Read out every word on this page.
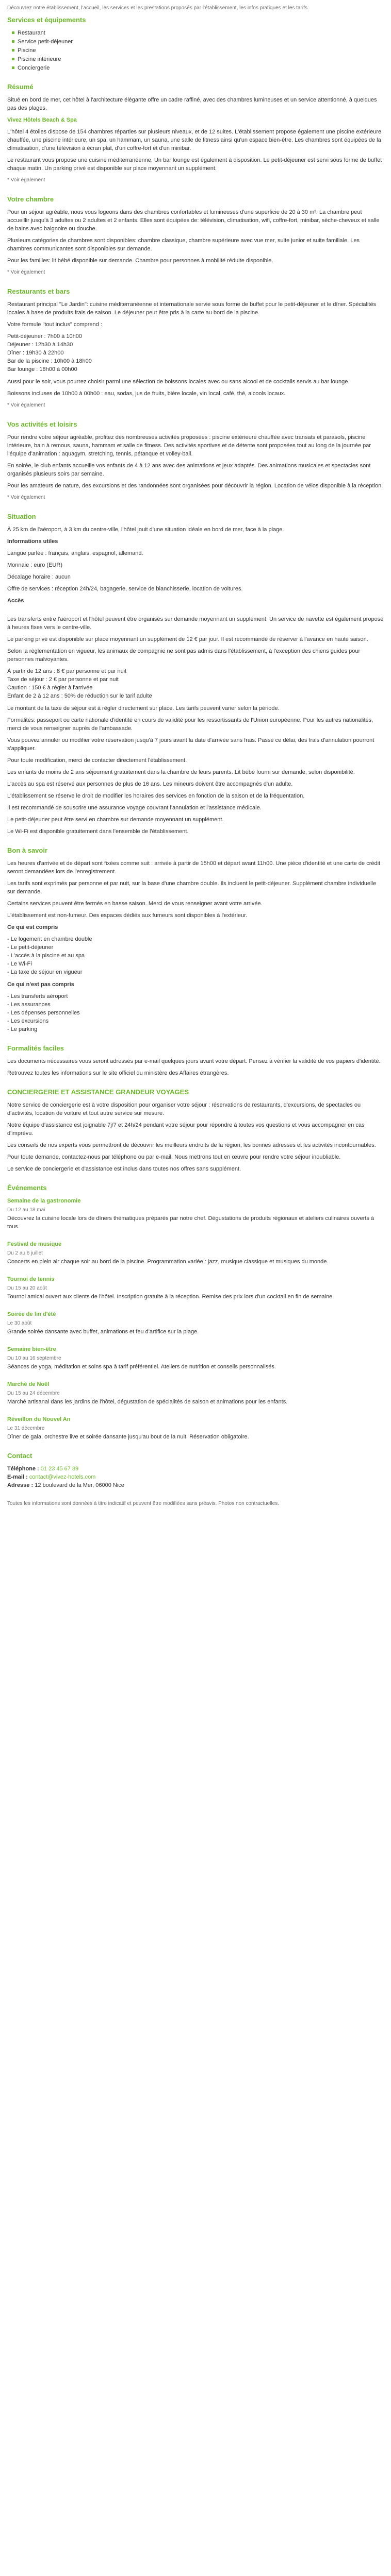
Découvrez notre établissement, l'accueil, les services et les prestations proposés par l'établissement, les infos pratiques et les tarifs.

Services et équipements
Restaurant
Service petit-déjeuner
Piscine
Piscine intérieure
Conciergerie
Résumé

Situé en bord de mer, cet hôtel à l'architecture élégante offre un cadre raffiné, avec des chambres lumineuses et un service attentionné, à quelques pas des plages.

Vivez Hôtels Beach & Spa

L'hôtel 4 étoiles dispose de 154 chambres réparties sur plusieurs niveaux, et de 12 suites. L'établissement propose également une piscine extérieure chauffée, une piscine intérieure, un spa, un hammam, un sauna, une salle de fitness ainsi qu'un espace bien-être. Les chambres sont équipées de la climatisation, d'une télévision à écran plat, d'un coffre-fort et d'un minibar.

Le restaurant vous propose une cuisine méditerranéenne. Un bar lounge est également à disposition. Le petit-déjeuner est servi sous forme de buffet chaque matin. Un parking privé est disponible sur place moyennant un supplément.

* Voir également

Votre chambre

Pour un séjour agréable, nous vous logeons dans des chambres confortables et lumineuses d'une superficie de 20 à 30 m². La chambre peut accueillir jusqu'à 3 adultes ou 2 adultes et 2 enfants. Elles sont équipées de: télévision, climatisation, wifi, coffre-fort, minibar, sèche-cheveux et salle de bains avec baignoire ou douche.

Plusieurs catégories de chambres sont disponibles: chambre classique, chambre supérieure avec vue mer, suite junior et suite familiale. Les chambres communicantes sont disponibles sur demande.

Pour les familles: lit bébé disponible sur demande. Chambre pour personnes à mobilité réduite disponible.

* Voir également

Restaurants et bars

Restaurant principal "Le Jardin": cuisine méditerranéenne et internationale servie sous forme de buffet pour le petit-déjeuner et le dîner. Spécialités locales à base de produits frais de saison. Le déjeuner peut être pris à la carte au bord de la piscine.

Votre formule "tout inclus" comprend :

Petit-déjeuner : 7h00 à 10h00
Déjeuner : 12h30 à 14h30
Dîner : 19h30 à 22h00
Bar de la piscine : 10h00 à 18h00
Bar lounge : 18h00 à 00h00

Aussi pour le soir, vous pourrez choisir parmi une sélection de boissons locales avec ou sans alcool et de cocktails servis au bar lounge.

Boissons incluses de 10h00 à 00h00 : eau, sodas, jus de fruits, bière locale, vin local, café, thé, alcools locaux.

* Voir également

Vos activités et loisirs

Pour rendre votre séjour agréable, profitez des nombreuses activités proposées : piscine extérieure chauffée avec transats et parasols, piscine intérieure, bain à remous, sauna, hammam et salle de fitness. Des activités sportives et de détente sont proposées tout au long de la journée par l'équipe d'animation : aquagym, stretching, tennis, pétanque et volley-ball.

En soirée, le club enfants accueille vos enfants de 4 à 12 ans avec des animations et jeux adaptés. Des animations musicales et spectacles sont organisés plusieurs soirs par semaine.

Pour les amateurs de nature, des excursions et des randonnées sont organisées pour découvrir la région. Location de vélos disponible à la réception.

* Voir également

Situation

À 25 km de l'aéroport, à 3 km du centre-ville, l'hôtel jouit d'une situation idéale en bord de mer, face à la plage.

Informations utiles

Langue parlée : français, anglais, espagnol, allemand.

Monnaie : euro (EUR)

Décalage horaire : aucun

Offre de services : réception 24h/24, bagagerie, service de blanchisserie, location de voitures.

Accès

Les transferts entre l'aéroport et l'hôtel peuvent être organisés sur demande moyennant un supplément. Un service de navette est également proposé à heures fixes vers le centre-ville.

Le parking privé est disponible sur place moyennant un supplément de 12 € par jour. Il est recommandé de réserver à l'avance en haute saison.

Selon la règlementation en vigueur, les animaux de compagnie ne sont pas admis dans l'établissement, à l'exception des chiens guides pour personnes malvoyantes.

À partir de 12 ans : 8 € par personne et par nuit
Taxe de séjour : 2 € par personne et par nuit
Caution : 150 € à régler à l'arrivée
Enfant de 2 à 12 ans : 50% de réduction sur le tarif adulte

Le montant de la taxe de séjour est à régler directement sur place. Les tarifs peuvent varier selon la période.

Formalités: passeport ou carte nationale d'identité en cours de validité pour les ressortissants de l'Union européenne. Pour les autres nationalités, merci de vous renseigner auprès de l'ambassade.

Vous pouvez annuler ou modifier votre réservation jusqu'à 7 jours avant la date d'arrivée sans frais. Passé ce délai, des frais d'annulation pourront s'appliquer.

Pour toute modification, merci de contacter directement l'établissement.

Les enfants de moins de 2 ans séjournent gratuitement dans la chambre de leurs parents. Lit bébé fourni sur demande, selon disponibilité.

L'accès au spa est réservé aux personnes de plus de 16 ans. Les mineurs doivent être accompagnés d'un adulte.

L'établissement se réserve le droit de modifier les horaires des services en fonction de la saison et de la fréquentation.

Il est recommandé de souscrire une assurance voyage couvrant l'annulation et l'assistance médicale.

Le petit-déjeuner peut être servi en chambre sur demande moyennant un supplément.

Le Wi-Fi est disponible gratuitement dans l'ensemble de l'établissement.

Bon à savoir

Les heures d'arrivée et de départ sont fixées comme suit : arrivée à partir de 15h00 et départ avant 11h00. Une pièce d'identité et une carte de crédit seront demandées lors de l'enregistrement.

Les tarifs sont exprimés par personne et par nuit, sur la base d'une chambre double. Ils incluent le petit-déjeuner. Supplément chambre individuelle sur demande.

Certains services peuvent être fermés en basse saison. Merci de vous renseigner avant votre arrivée.

L'établissement est non-fumeur. Des espaces dédiés aux fumeurs sont disponibles à l'extérieur.

Ce qui est compris

- Le logement en chambre double
- Le petit-déjeuner
- L'accès à la piscine et au spa
- Le Wi-Fi
- La taxe de séjour en vigueur

Ce qui n'est pas compris

- Les transferts aéroport
- Les assurances
- Les dépenses personnelles
- Les excursions
- Le parking
Formalités faciles

Les documents nécessaires vous seront adressés par e-mail quelques jours avant votre départ. Pensez à vérifier la validité de vos papiers d'identité.

Retrouvez toutes les informations sur le site officiel du ministère des Affaires étrangères.

CONCIERGERIE ET ASSISTANCE GRANDEUR VOYAGES

Notre service de conciergerie est à votre disposition pour organiser votre séjour : réservations de restaurants, d'excursions, de spectacles ou d'activités, location de voiture et tout autre service sur mesure.

Notre équipe d'assistance est joignable 7j/7 et 24h/24 pendant votre séjour pour répondre à toutes vos questions et vous accompagner en cas d'imprévu.

Les conseils de nos experts vous permettront de découvrir les meilleurs endroits de la région, les bonnes adresses et les activités incontournables.

Pour toute demande, contactez-nous par téléphone ou par e-mail. Nous mettrons tout en œuvre pour rendre votre séjour inoubliable.

Le service de conciergerie et d'assistance est inclus dans toutes nos offres sans supplément.

Événements
Semaine de la gastronomie
Du 12 au 18 mai

Découvrez la cuisine locale lors de dîners thématiques préparés par notre chef. Dégustations de produits régionaux et ateliers culinaires ouverts à tous.

Festival de musique
Du 2 au 6 juillet

Concerts en plein air chaque soir au bord de la piscine. Programmation variée : jazz, musique classique et musiques du monde.

Tournoi de tennis
Du 15 au 20 août

Tournoi amical ouvert aux clients de l'hôtel. Inscription gratuite à la réception. Remise des prix lors d'un cocktail en fin de semaine.

Soirée de fin d'été
Le 30 août

Grande soirée dansante avec buffet, animations et feu d'artifice sur la plage.

Semaine bien-être
Du 10 au 16 septembre

Séances de yoga, méditation et soins spa à tarif préférentiel. Ateliers de nutrition et conseils personnalisés.

Marché de Noël
Du 15 au 24 décembre

Marché artisanal dans les jardins de l'hôtel, dégustation de spécialités de saison et animations pour les enfants.

Réveillon du Nouvel An
Le 31 décembre

Dîner de gala, orchestre live et soirée dansante jusqu'au bout de la nuit. Réservation obligatoire.

Contact

Téléphone : 01 23 45 67 89

E-mail : contact@vivez-hotels.com

Adresse : 12 boulevard de la Mer, 06000 Nice

Toutes les informations sont données à titre indicatif et peuvent être modifiées sans préavis. Photos non contractuelles.
